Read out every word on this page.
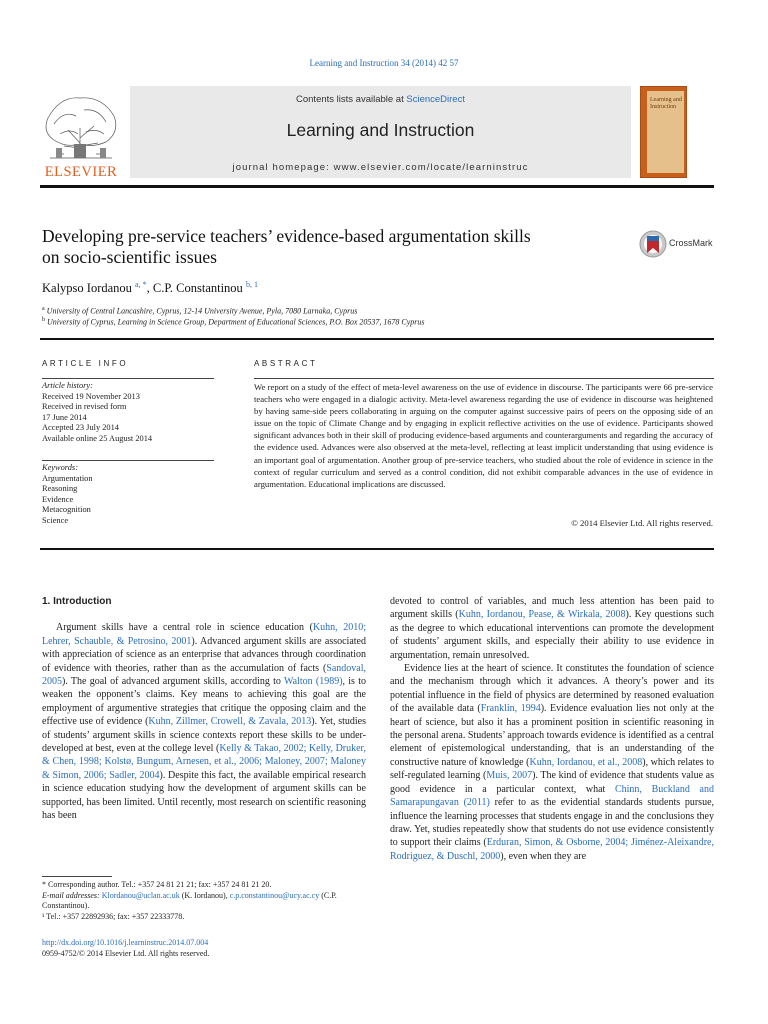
Learning and Instruction 34 (2014) 42 57
ELSEVIER
Contents lists available at ScienceDirect
Learning and Instruction
journal homepage: www.elsevier.com/locate/learninstruc
Learning and Instruction
Developing pre-service teachers’ evidence-based argumentation skills
on socio-scientific issues
CrossMark
Kalypso Iordanou $^{a, *}$, C.P. Constantinou $^{b, 1}$
$^a$ University of Central Lancashire, Cyprus, 12-14 University Avenue, Pyla, 7080 Larnaka, Cyprus
$^b$ University of Cyprus, Learning in Science Group, Department of Educational Sciences, P.O. Box 20537, 1678 Cyprus
ARTICLE INFO
Article history:
Received 19 November 2013
Received in revised form
17 June 2014
Accepted 23 July 2014
Available online 25 August 2014
Keywords:
Argumentation
Reasoning
Evidence
Metacognition
Science
ABSTRACT
We report on a study of the effect of meta-level awareness on the use of evidence in discourse. The participants were 66 pre-service teachers who were engaged in a dialogic activity. Meta-level awareness regarding the use of evidence in discourse was heightened by having same-side peers collaborating in arguing on the computer against successive pairs of peers on the opposing side of an issue on the topic of Climate Change and by engaging in explicit reflective activities on the use of evidence. Participants showed significant advances both in their skill of producing evidence-based arguments and counterarguments and regarding the accuracy of the evidence used. Advances were also observed at the meta-level, reflecting at least implicit understanding that using evidence is an important goal of argumentation. Another group of pre-service teachers, who studied about the role of evidence in science in the context of regular curriculum and served as a control condition, did not exhibit comparable advances in the use of evidence in argumentation. Educational implications are discussed.
© 2014 Elsevier Ltd. All rights reserved.

1. Introduction

Argument skills have a central role in science education (Kuhn, 2010; Lehrer, Schauble, & Petrosino, 2001). Advanced argument skills are associated with appreciation of science as an enterprise that advances through coordination of evidence with theories, rather than as the accumulation of facts (Sandoval, 2005). The goal of advanced argument skills, according to Walton (1989), is to weaken the opponent’s claims. Key means to achieving this goal are the employment of argumentive strategies that critique the opposing claim and the effective use of evidence (Kuhn, Zillmer, Crowell, & Zavala, 2013). Yet, studies of students’ argument skills in science contexts report these skills to be under-developed at best, even at the college level (Kelly & Takao, 2002; Kelly, Druker, & Chen, 1998; Kolstø, Bungum, Arnesen, et al., 2006; Maloney, 2007; Maloney & Simon, 2006; Sadler, 2004). Despite this fact, the available empirical research in science education studying how the development of argument skills can be supported, has been limited. Until recently, most research on scientific reasoning has been

devoted to control of variables, and much less attention has been paid to argument skills (Kuhn, Iordanou, Pease, & Wirkala, 2008). Key questions such as the degree to which educational interventions can promote the development of students’ argument skills, and especially their ability to use evidence in argumentation, remain unresolved.

Evidence lies at the heart of science. It constitutes the foundation of science and the mechanism through which it advances. A theory’s power and its potential influence in the field of physics are determined by reasoned evaluation of the available data (Franklin, 1994). Evidence evaluation lies not only at the heart of science, but also it has a prominent position in scientific reasoning in the personal arena. Students’ approach towards evidence is identified as a central element of epistemological understanding, that is an understanding of the constructive nature of knowledge (Kuhn, Iordanou, et al., 2008), which relates to self-regulated learning (Muis, 2007). The kind of evidence that students value as good evidence in a particular context, what Chinn, Buckland and Samarapungavan (2011) refer to as the evidential standards students pursue, influence the learning processes that students engage in and the conclusions they draw. Yet, studies repeatedly show that students do not use evidence consistently to support their claims (Erduran, Simon, & Osborne, 2004; Jiménez-Aleixandre, Rodriguez, & Duschl, 2000), even when they are

* Corresponding author. Tel.: +357 24 81 21 21; fax: +357 24 81 21 20.

E-mail addresses: Klordanou@uclan.ac.uk (K. Iordanou), c.p.constantinou@ucy.ac.cy (C.P. Constantinou).

¹ Tel.: +357 22892936; fax: +357 22333778.

http://dx.doi.org/10.1016/j.learninstruc.2014.07.004
0959-4752/© 2014 Elsevier Ltd. All rights reserved.
